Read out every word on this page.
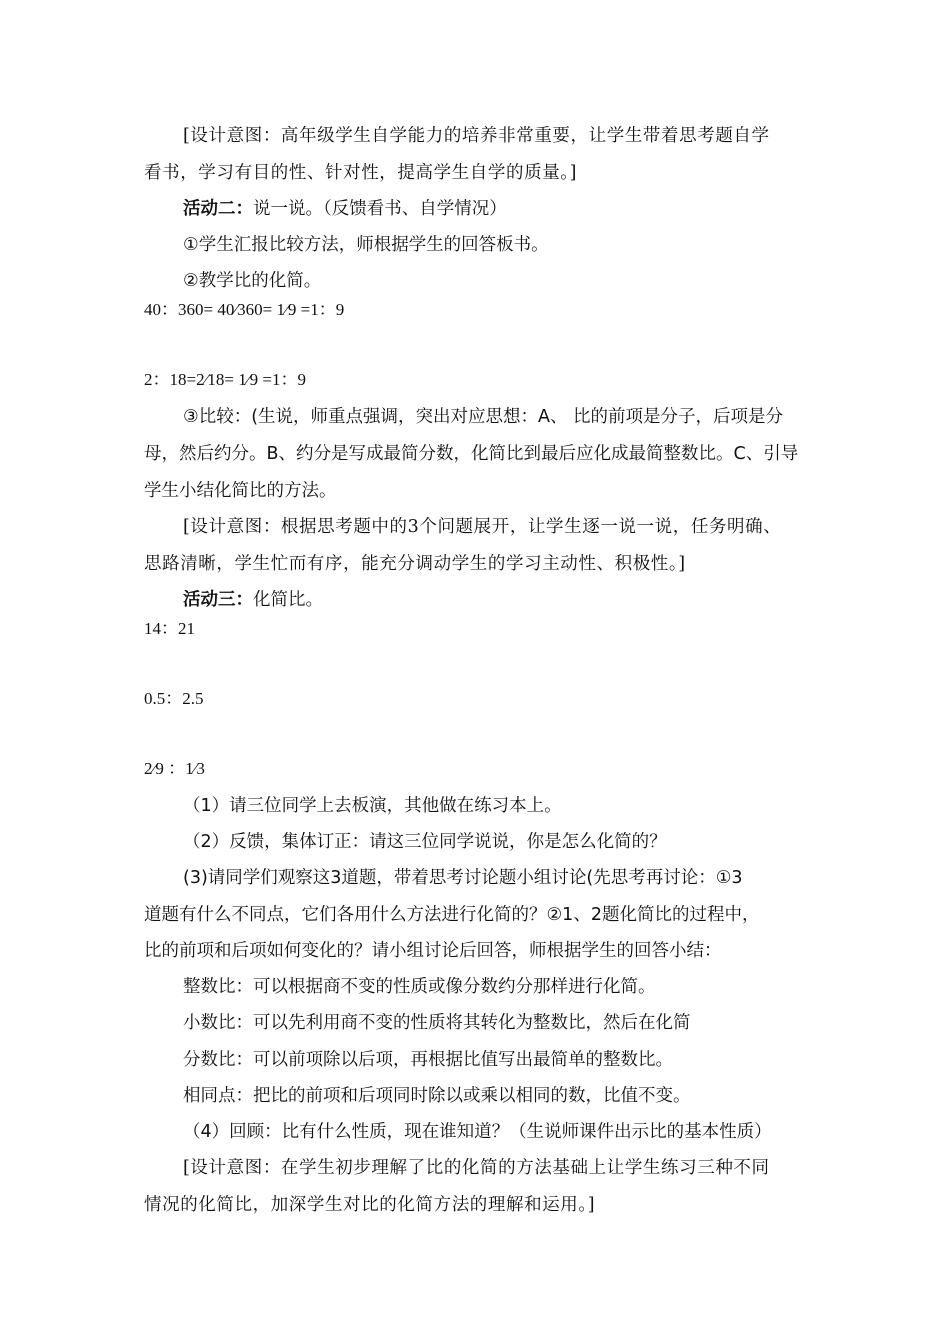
[设计意图：高年级学生自学能力的培养非常重要，让学生带着思考题自学
看书，学习有目的性、针对性，提高学生自学的质量。]
活动二：说一说。（反馈看书、自学情况）
①学生汇报比较方法，师根据学生的回答板书。
②教学比的化简。
40：360= 40⁄360= 1⁄9 =1：9
2：18=2⁄18= 1⁄9 =1：9
③比较：(生说，师重点强调，突出对应思想：A、 比的前项是分子，后项是分
母，然后约分。B、约分是写成最简分数，化简比到最后应化成最简整数比。C、引导
学生小结化简比的方法。
[设计意图：根据思考题中的3个问题展开，让学生逐一说一说，任务明确、
思路清晰，学生忙而有序，能充分调动学生的学习主动性、积极性。]
活动三：化简比。
14：21
0.5：2.5
2⁄9 ：1⁄3
（1）请三位同学上去板演，其他做在练习本上。
（2）反馈，集体订正：请这三位同学说说，你是怎么化简的？
(3)请同学们观察这3道题，带着思考讨论题小组讨论(先思考再讨论：①3
道题有什么不同点，它们各用什么方法进行化简的？②1、2题化简比的过程中，
比的前项和后项如何变化的？请小组讨论后回答，师根据学生的回答小结：
整数比：可以根据商不变的性质或像分数约分那样进行化简。
小数比：可以先利用商不变的性质将其转化为整数比，然后在化简
分数比：可以前项除以后项，再根据比值写出最简单的整数比。
相同点：把比的前项和后项同时除以或乘以相同的数，比值不变。
（4）回顾：比有什么性质，现在谁知道？（生说师课件出示比的基本性质）
[设计意图：在学生初步理解了比的化简的方法基础上让学生练习三种不同
情况的化简比，加深学生对比的化简方法的理解和运用。]
